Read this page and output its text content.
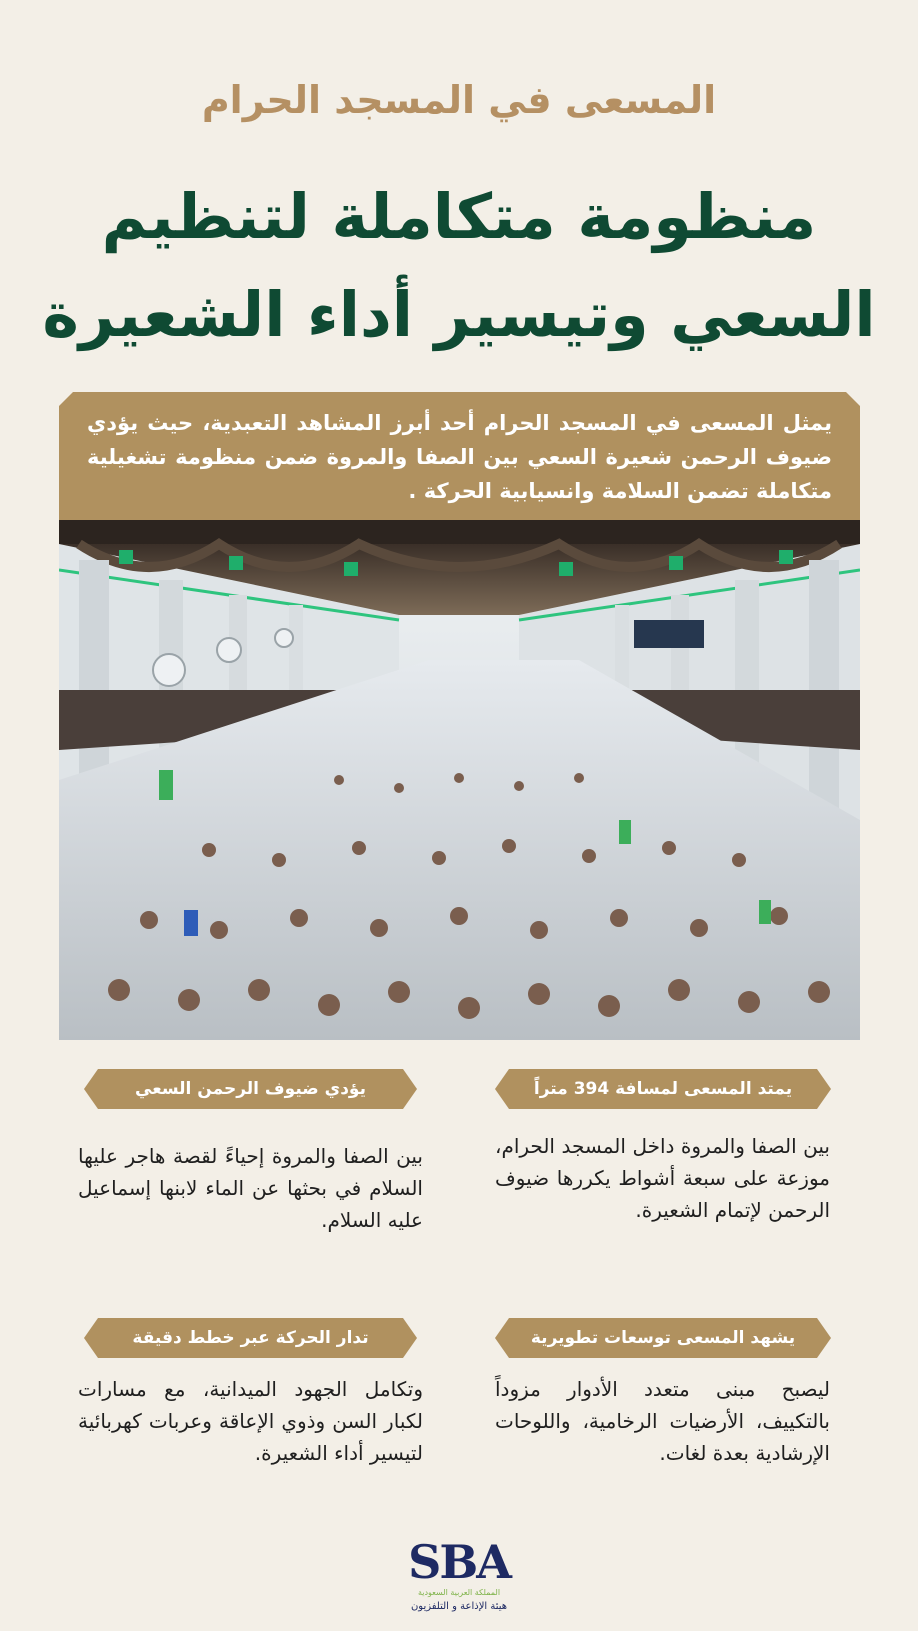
المسعى في المسجد الحرام
منظومة متكاملة لتنظيم
السعي وتيسير أداء الشعيرة
يمثل المسعى في المسجد الحرام أحد أبرز المشاهد التعبدية، حيث يؤدي ضيوف الرحمن شعيرة السعي بين الصفا والمروة ضمن منظومة تشغيلية متكاملة تضمن السلامة وانسيابية الحركة .
يمتد المسعى لمسافة 394 متراً
بين الصفا والمروة داخل المسجد الحرام، موزعة على سبعة أشواط يكررها ضيوف الرحمن لإتمام الشعيرة.
يؤدي ضيوف الرحمن السعي
بين الصفا والمروة إحياءً لقصة هاجر عليها السلام في بحثها عن الماء لابنها إسماعيل عليه السلام.
يشهد المسعى توسعات تطويرية
ليصبح مبنى متعدد الأدوار مزوداً بالتكييف، الأرضيات الرخامية، واللوحات الإرشادية بعدة لغات.
تدار الحركة عبر خطط دقيقة
وتكامل الجهود الميدانية، مع مسارات لكبار السن وذوي الإعاقة وعربات كهربائية لتيسير أداء الشعيرة.
SBA
المملكة العربية السعودية
هيئة الإذاعة و التلفزيون
